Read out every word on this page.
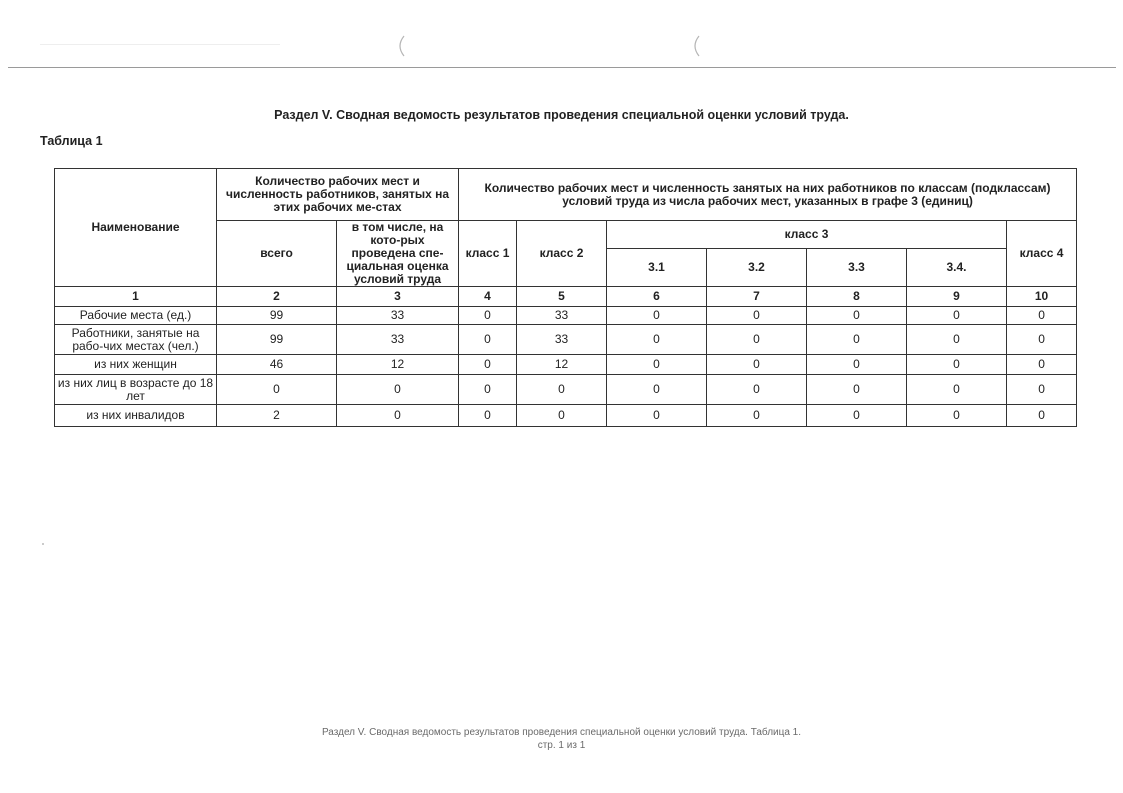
Раздел V. Сводная ведомость результатов проведения специальной оценки условий труда.
Таблица 1
Наименование	Количество рабочих мест и численность работников, занятых на этих рабочих ме-стах		Количество рабочих мест и численность занятых на них работников по классам (подклассам) условий труда из числа рабочих мест, указанных в графе 3 (единиц)						
	всего	в том числе, на кото-рых проведена спе-циальная оценка условий труда	класс 1	класс 2	класс 3				класс 4
					3.1	3.2	3.3	3.4.	
1	2	3	4	5	6	7	8	9	10
Рабочие места (ед.)	99	33	0	33	0	0	0	0	0
Работники, занятые на рабо-чих местах (чел.)	99	33	0	33	0	0	0	0	0
из них женщин	46	12	0	12	0	0	0	0	0
из них лиц в возрасте до 18 лет	0	0	0	0	0	0	0	0	0
из них инвалидов	2	0	0	0	0	0	0	0	0
Раздел V. Сводная ведомость результатов проведения специальной оценки условий труда. Таблица 1.
стр. 1 из 1
